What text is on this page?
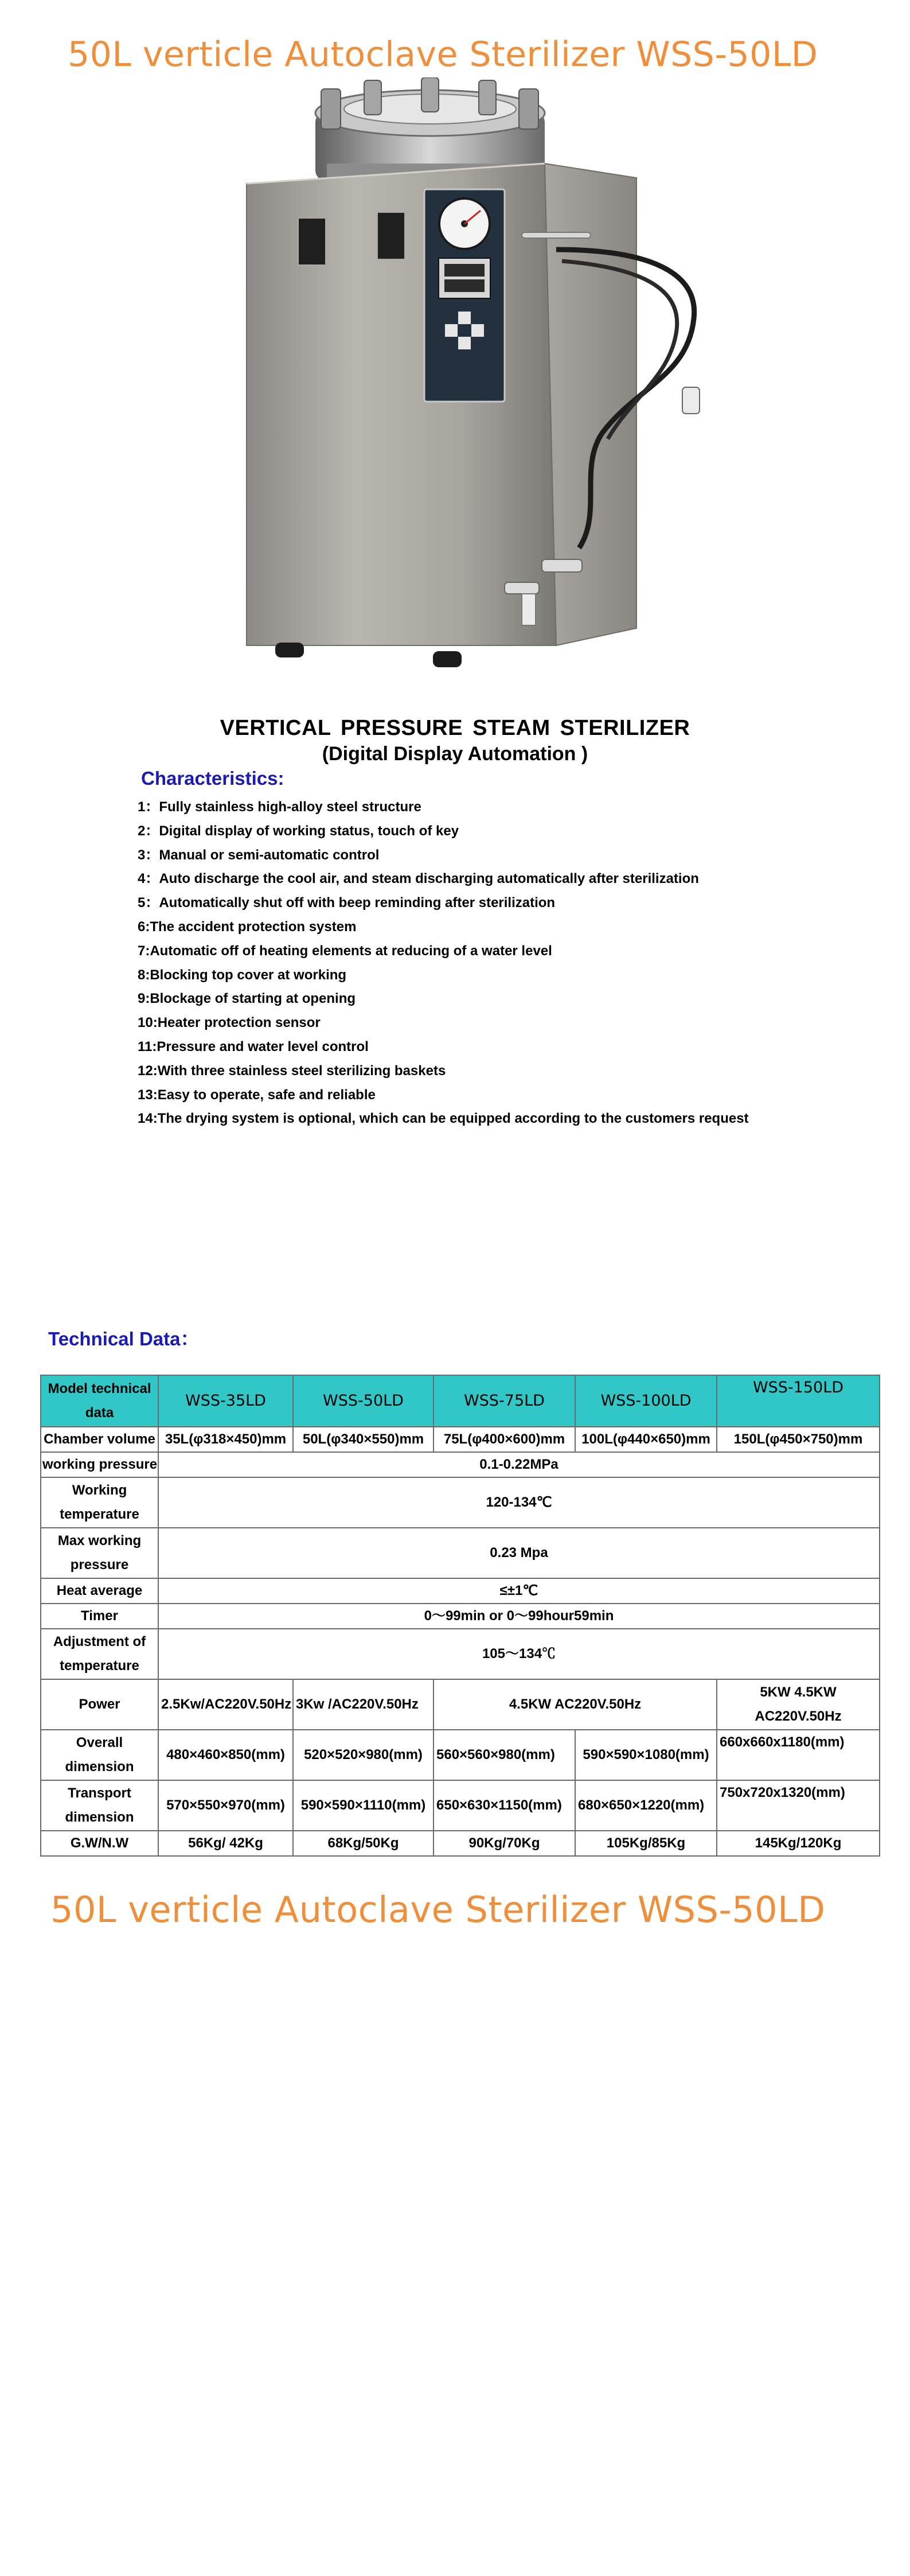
50L verticle Autoclave Sterilizer WSS-50LD
VERTICAL PRESSURE STEAM STERILIZER
(Digital Display Automation )
Characteristics:
1：Fully stainless high-alloy steel structure
2：Digital display of working status, touch of key
3：Manual or semi-automatic control
4：Auto discharge the cool air, and steam discharging automatically after sterilization
5：Automatically shut off with beep reminding after sterilization
6:The accident protection system
7:Automatic off of heating elements at reducing of a water level
8:Blocking top cover at working
9:Blockage of starting at opening
10:Heater protection sensor
11:Pressure and water level control
12:With three stainless steel sterilizing baskets
13:Easy to operate, safe and reliable
14:The drying system is optional, which can be equipped according to the customers request
Technical Data：
Model technical data	WSS-35LD	WSS-50LD	WSS-75LD	WSS-100LD	WSS-150LD
Chamber volume	35L(φ318×450)mm	50L(φ340×550)mm	75L(φ400×600)mm	100L(φ440×650)mm	150L(φ450×750)mm
working pressure	0.1-0.22MPa				
Working temperature	120-134℃				
Max working pressure	0.23 Mpa				
Heat average	≤±1℃				
Timer	0～99min or 0～99hour59min				
Adjustment of temperature	105～134℃				
Power	2.5Kw/AC220V.50Hz	3Kw /AC220V.50Hz	4.5KW AC220V.50Hz		5KW 4.5KW AC220V.50Hz
Overall dimension	480×460×850(mm)	520×520×980(mm)	560×560×980(mm)	590×590×1080(mm)	660x660x1180(mm)
Transport dimension	570×550×970(mm)	590×590×1110(mm)	650×630×1150(mm)	680×650×1220(mm)	750x720x1320(mm)
G.W/N.W	56Kg/ 42Kg	68Kg/50Kg	90Kg/70Kg	105Kg/85Kg	145Kg/120Kg
50L verticle Autoclave Sterilizer WSS-50LD
